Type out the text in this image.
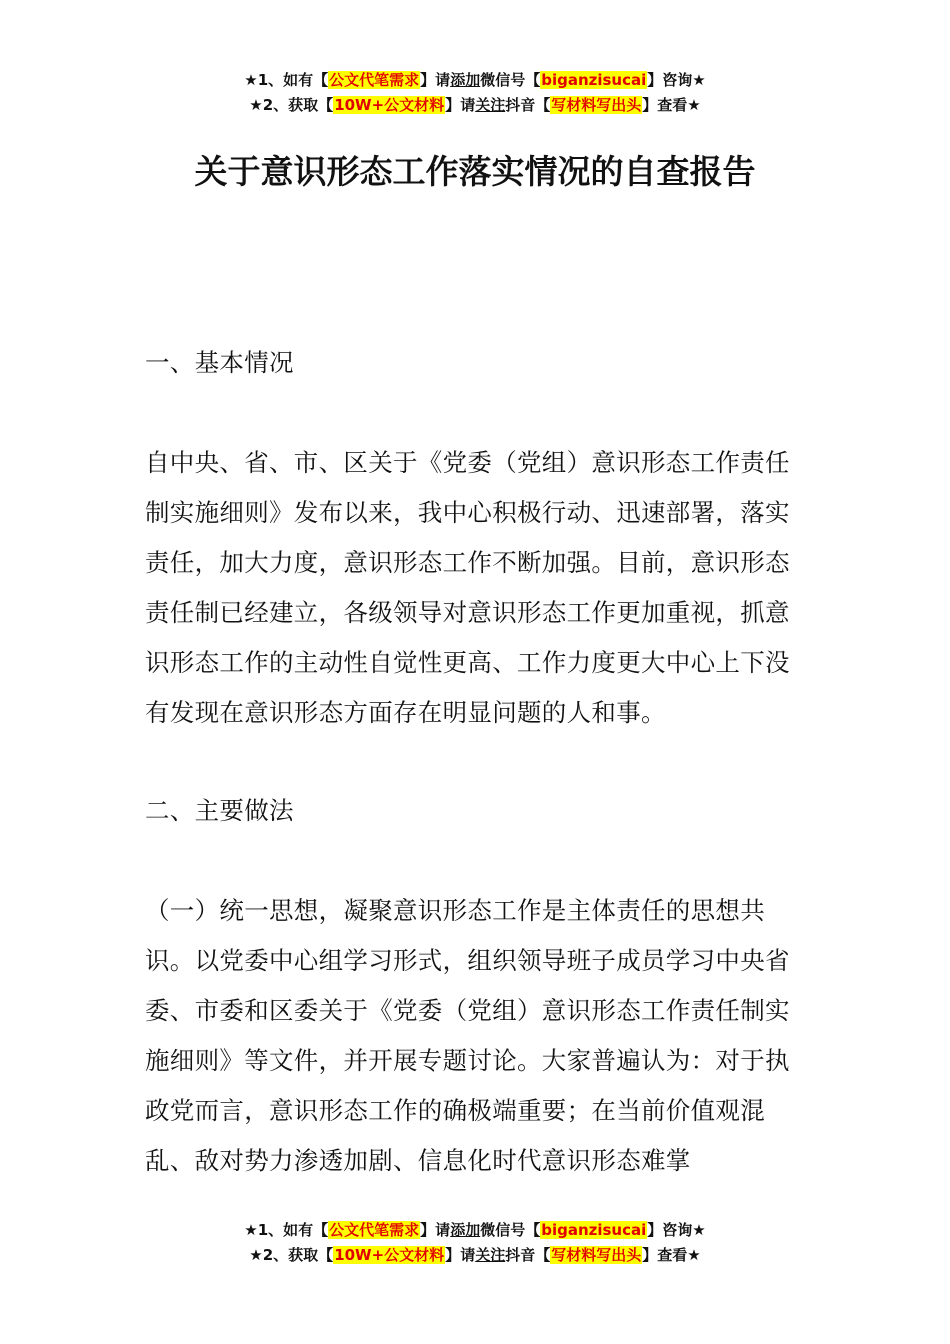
★1、如有【公文代笔需求】请添加微信号【biganzisucai】咨询★
★2、获取【10W+公文材料】请关注抖音【写材料写出头】查看★
关于意识形态工作落实情况的自查报告

一、基本情况

自中央、省、市、区关于《党委（党组）意识形态工作责任制实施细则》发布以来，我中心积极行动、迅速部署，落实责任，加大力度，意识形态工作不断加强。目前，意识形态责任制已经建立，各级领导对意识形态工作更加重视，抓意识形态工作的主动性自觉性更高、工作力度更大中心上下没有发现在意识形态方面存在明显问题的人和事。

二、主要做法

（一）统一思想，凝聚意识形态工作是主体责任的思想共识。以党委中心组学习形式，组织领导班子成员学习中央省委、市委和区委关于《党委（党组）意识形态工作责任制实施细则》等文件，并开展专题讨论。大家普遍认为：对于执政党而言，意识形态工作的确极端重要；在当前价值观混乱、敌对势力渗透加剧、信息化时代意识形态难掌

★1、如有【公文代笔需求】请添加微信号【biganzisucai】咨询★
★2、获取【10W+公文材料】请关注抖音【写材料写出头】查看★
